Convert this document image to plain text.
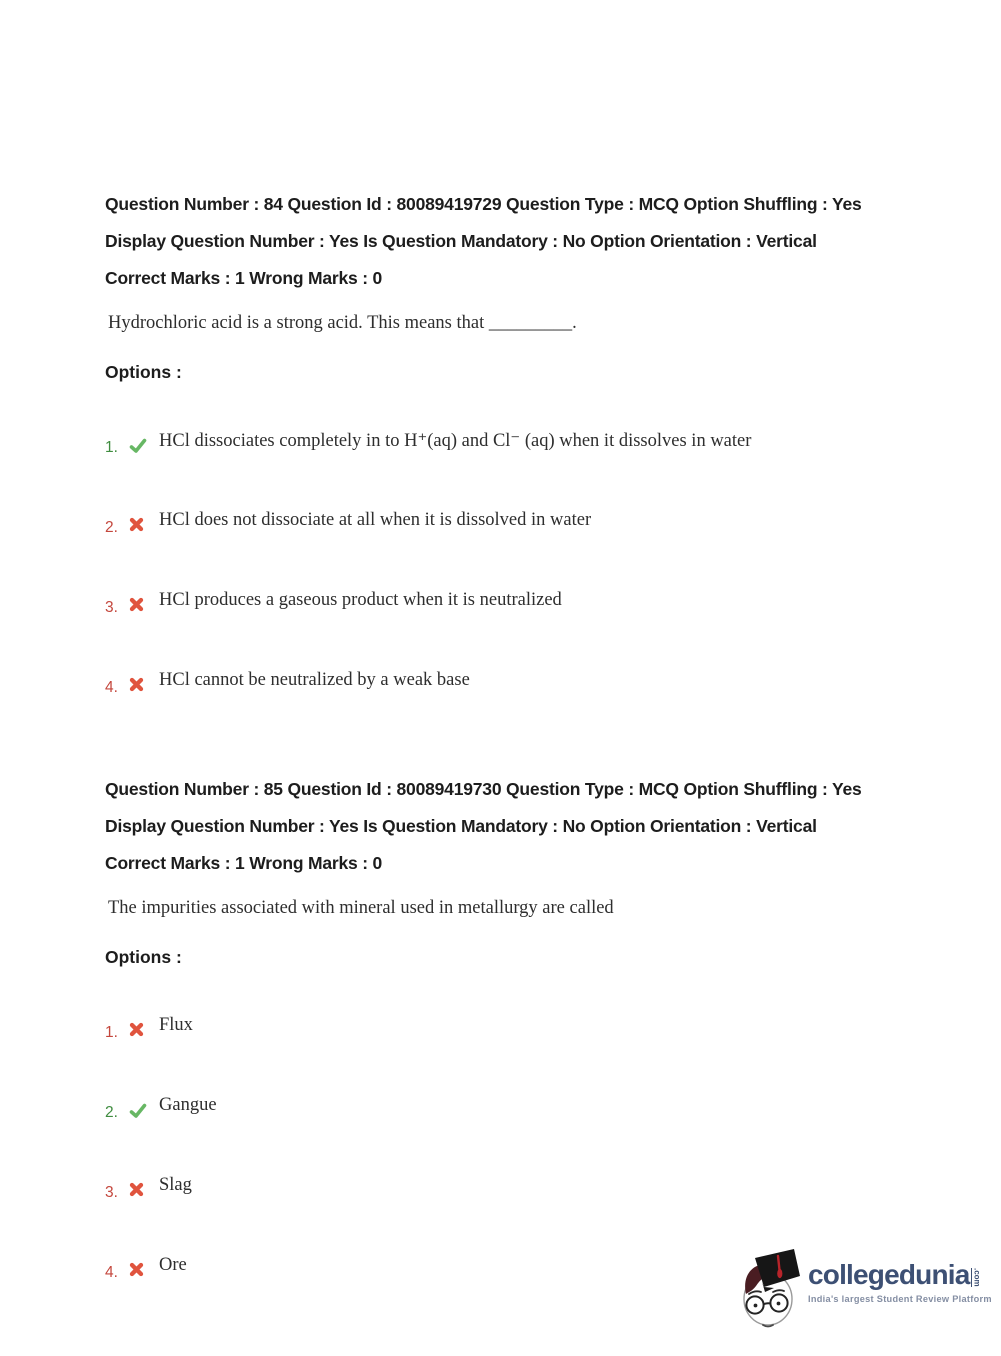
Question Number : 84 Question Id : 80089419729 Question Type : MCQ Option Shuffling : Yes
Display Question Number : Yes Is Question Mandatory : No Option Orientation : Vertical
Correct Marks : 1 Wrong Marks : 0

Hydrochloric acid is a strong acid. This means that _________.

Options :
1.	HCl dissociates completely in to H⁺(aq) and Cl⁻ (aq) when it dissolves in water
2.	HCl does not dissociate at all when it is dissolved in water
3.	HCl produces a gaseous product when it is neutralized
4.	HCl cannot be neutralized by a weak base
Question Number : 85 Question Id : 80089419730 Question Type : MCQ Option Shuffling : Yes
Display Question Number : Yes Is Question Mandatory : No Option Orientation : Vertical
Correct Marks : 1 Wrong Marks : 0

The impurities associated with mineral used in metallurgy are called

Options :
1.	Flux
2.	Gangue
3.	Slag
4.	Ore	collegedunia .com
India's largest Student Review Platform
